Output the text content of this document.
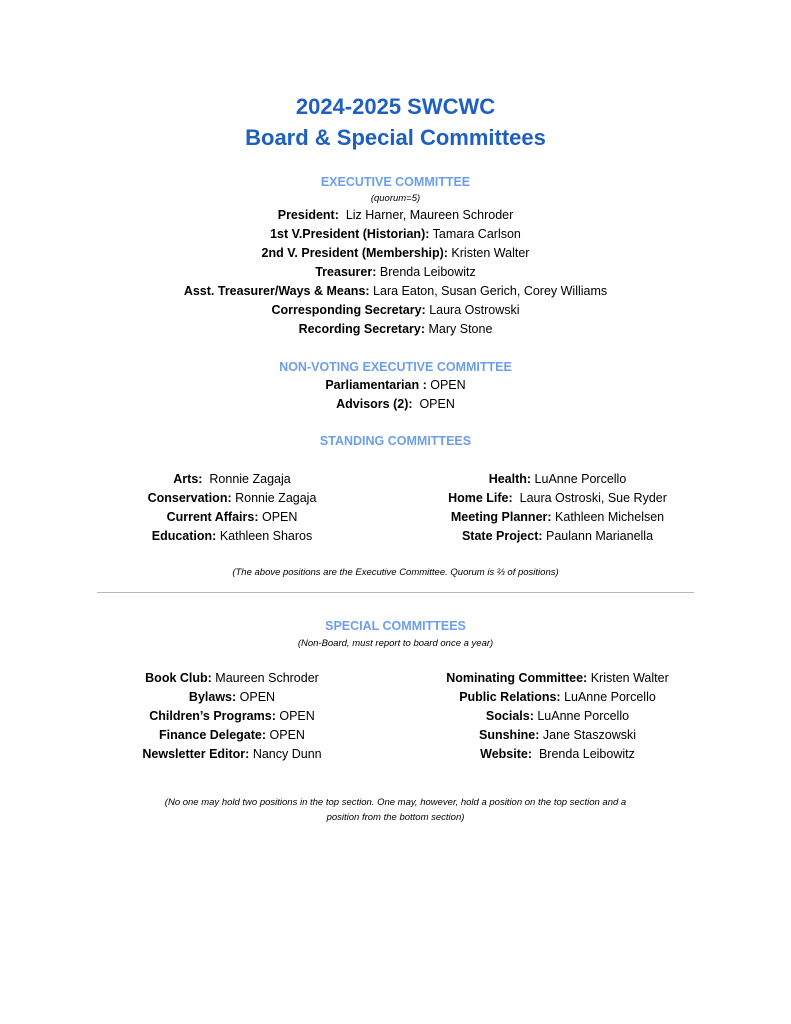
2024-2025 SWCWC
Board & Special Committees
EXECUTIVE COMMITTEE
(quorum=5)
President:  Liz Harner, Maureen Schroder
1st V.President (Historian): Tamara Carlson
2nd V. President (Membership): Kristen Walter
Treasurer: Brenda Leibowitz
Asst. Treasurer/Ways & Means: Lara Eaton, Susan Gerich, Corey Williams
Corresponding Secretary: Laura Ostrowski
Recording Secretary: Mary Stone
NON-VOTING EXECUTIVE COMMITTEE
Parliamentarian : OPEN
Advisors (2):  OPEN
STANDING COMMITTEES
Arts:  Ronnie Zagaja
Conservation: Ronnie Zagaja
Current Affairs: OPEN
Education: Kathleen Sharos
Health: LuAnne Porcello
Home Life:  Laura Ostroski, Sue Ryder
Meeting Planner: Kathleen Michelsen
State Project: Paulann Marianella
(The above positions are the Executive Committee. Quorum is ⅔ of positions)
SPECIAL COMMITTEES
(Non-Board, must report to board once a year)
Book Club: Maureen Schroder
Bylaws: OPEN
Children’s Programs: OPEN
Finance Delegate: OPEN
Newsletter Editor: Nancy Dunn
Nominating Committee: Kristen Walter
Public Relations: LuAnne Porcello
Socials: LuAnne Porcello
Sunshine: Jane Staszowski
Website:  Brenda Leibowitz
(No one may hold two positions in the top section. One may, however, hold a position on the top section and a
position from the bottom section)
